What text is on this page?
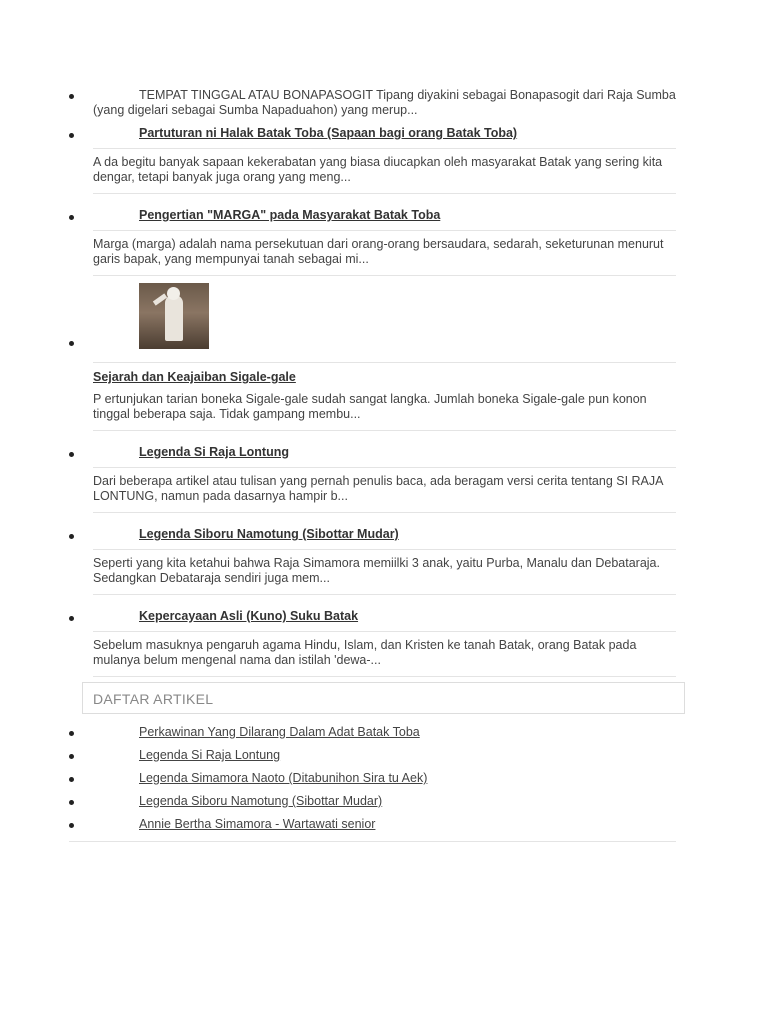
TEMPAT TINGGAL ATAU BONAPASOGIT Tipang diyakini sebagai Bonapasogit dari Raja Sumba (yang digelari sebagai Sumba Napaduahon) yang merup...
Partuturan ni Halak Batak Toba (Sapaan bagi orang Batak Toba)
A da begitu banyak sapaan kekerabatan yang biasa diucapkan oleh masyarakat Batak yang sering kita dengar, tetapi banyak juga orang yang meng...
Pengertian "MARGA" pada Masyarakat Batak Toba
Marga (marga) adalah nama persekutuan dari orang-orang bersaudara, sedarah, seketurunan menurut garis bapak, yang mempunyai tanah sebagai mi...
Sejarah dan Keajaiban Sigale-gale
P ertunjukan tarian boneka Sigale-gale sudah sangat langka. Jumlah boneka Sigale-gale pun konon tinggal beberapa saja. Tidak gampang membu...
Legenda Si Raja Lontung
Dari beberapa artikel atau tulisan yang pernah penulis baca, ada beragam versi cerita tentang SI RAJA LONTUNG, namun pada dasarnya hampir b...
Legenda Siboru Namotung (Sibottar Mudar)
Seperti yang kita ketahui bahwa Raja Simamora memiilki 3 anak, yaitu Purba, Manalu dan Debataraja. Sedangkan Debataraja sendiri juga mem...
Kepercayaan Asli (Kuno) Suku Batak
Sebelum masuknya pengaruh agama Hindu, Islam, dan Kristen ke tanah Batak, orang Batak pada mulanya belum mengenal nama dan istilah 'dewa-...
DAFTAR ARTIKEL
Perkawinan Yang Dilarang Dalam Adat Batak Toba
Legenda Si Raja Lontung
Legenda Simamora Naoto (Ditabunihon Sira tu Aek)
Legenda Siboru Namotung (Sibottar Mudar)
Annie Bertha Simamora - Wartawati senior
